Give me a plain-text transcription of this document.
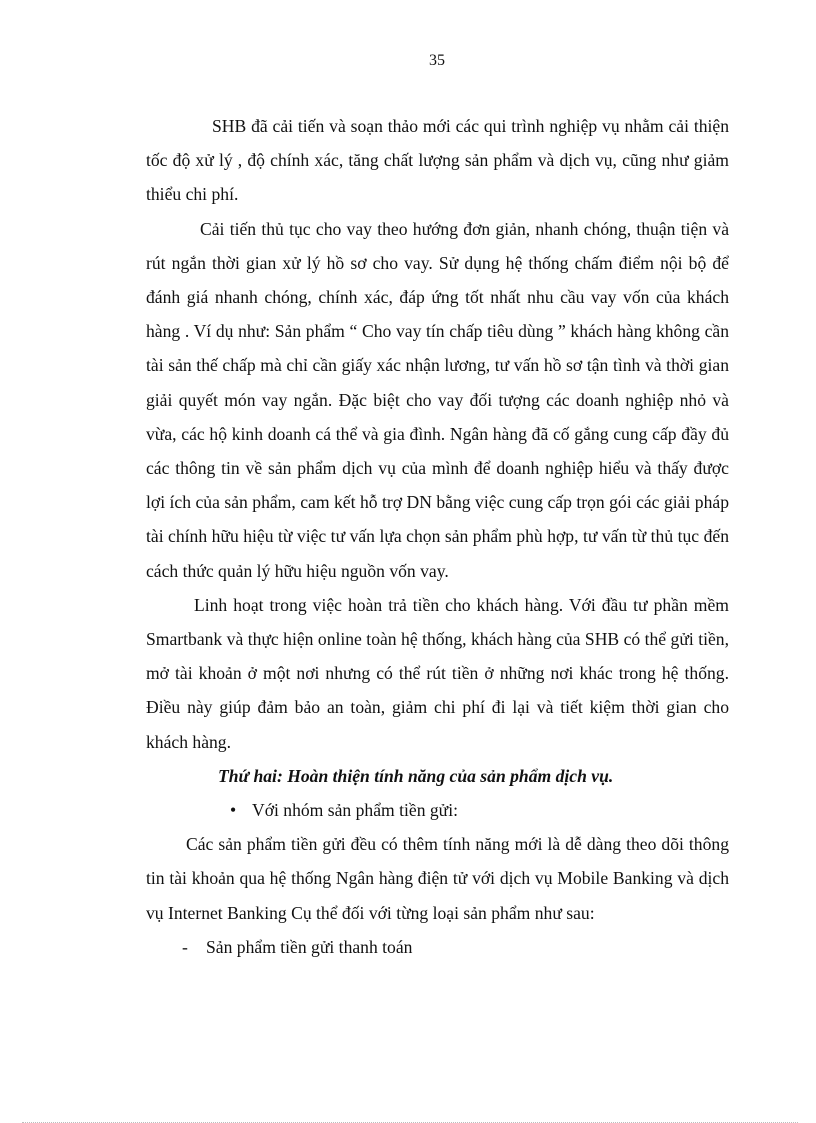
35

SHB đã cải tiến và soạn thảo mới các qui trình nghiệp vụ nhằm cải thiện tốc độ xử lý , độ chính xác, tăng chất lượng sản phẩm và dịch vụ, cũng như giảm thiểu chi phí.

Cải tiến thủ tục cho vay theo hướng đơn giản, nhanh chóng, thuận tiện và rút ngắn thời gian xử lý hồ sơ cho vay. Sử dụng hệ thống chấm điểm nội bộ để đánh giá nhanh chóng, chính xác, đáp ứng tốt nhất nhu cầu vay vốn của khách hàng . Ví dụ như: Sản phẩm “ Cho vay tín chấp tiêu dùng ” khách hàng không cần tài sản thế chấp mà chỉ cần giấy xác nhận lương, tư vấn hồ sơ tận tình và thời gian giải quyết món vay ngắn. Đặc biệt cho vay đối tượng các doanh nghiệp nhỏ và vừa, các hộ kinh doanh cá thể và gia đình. Ngân hàng đã cố gắng cung cấp đầy đủ các thông tin về sản phẩm dịch vụ của mình để doanh nghiệp hiểu và thấy được lợi ích của sản phẩm, cam kết hỗ trợ DN bằng việc cung cấp trọn gói các giải pháp tài chính hữu hiệu từ việc tư vấn lựa chọn sản phẩm phù hợp, tư vấn từ thủ tục đến cách thức quản lý hữu hiệu nguồn vốn vay.

Linh hoạt trong việc hoàn trả tiền cho khách hàng. Với đầu tư phần mềm Smartbank và thực hiện online toàn hệ thống, khách hàng của SHB có thể gửi tiền, mở tài khoản ở một nơi nhưng có thể rút tiền ở những nơi khác trong hệ thống. Điều này giúp đảm bảo an toàn, giảm chi phí đi lại và tiết kiệm thời gian cho khách hàng.

Thứ hai: Hoàn thiện tính năng của sản phẩm dịch vụ.

• Với nhóm sản phẩm tiền gửi:

Các sản phẩm tiền gửi đều có thêm tính năng mới là dễ dàng theo dõi thông tin tài khoản qua hệ thống Ngân hàng điện tử với dịch vụ Mobile Banking và dịch vụ Internet Banking Cụ thể đối với từng loại sản phẩm như sau:

- Sản phẩm tiền gửi thanh toán
